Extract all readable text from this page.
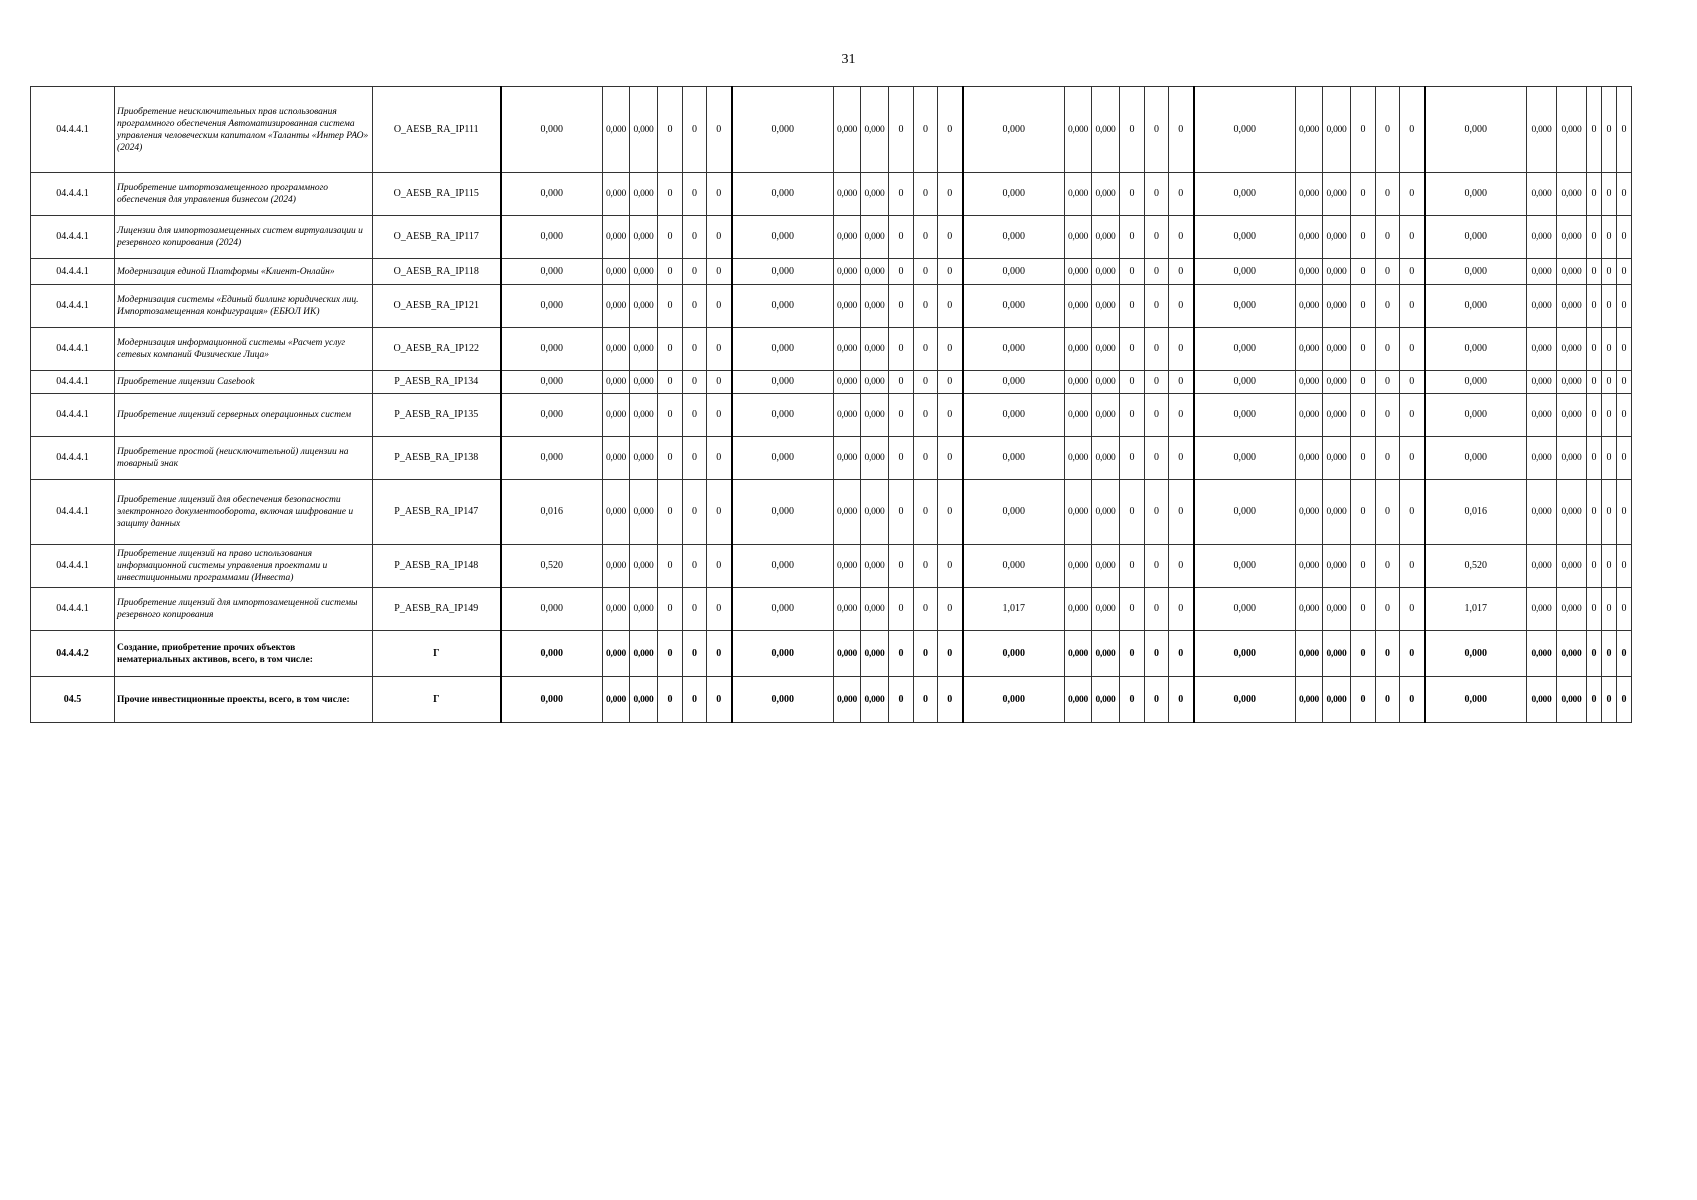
31
04.4.4.1	Приобретение неисключительных прав использования программного обеспечения Автоматизированная система управления человеческим капиталом «Таланты «Интер РАО» (2024)	O_AESB_RA_IP111	0,000	0,000	0,000	0	0	0	0,000	0,000	0,000	0	0	0	0,000	0,000	0,000	0	0	0	0,000	0,000	0,000	0	0	0	0,000	0,000	0,000	0	0	0
04.4.4.1	Приобретение импортозамещенного программного обеспечения для управления бизнесом (2024)	O_AESB_RA_IP115	0,000	0,000	0,000	0	0	0	0,000	0,000	0,000	0	0	0	0,000	0,000	0,000	0	0	0	0,000	0,000	0,000	0	0	0	0,000	0,000	0,000	0	0	0
04.4.4.1	Лицензии для импортозамещенных систем виртуализации и резервного копирования (2024)	O_AESB_RA_IP117	0,000	0,000	0,000	0	0	0	0,000	0,000	0,000	0	0	0	0,000	0,000	0,000	0	0	0	0,000	0,000	0,000	0	0	0	0,000	0,000	0,000	0	0	0
04.4.4.1	Модернизация единой Платформы «Клиент-Онлайн»	O_AESB_RA_IP118	0,000	0,000	0,000	0	0	0	0,000	0,000	0,000	0	0	0	0,000	0,000	0,000	0	0	0	0,000	0,000	0,000	0	0	0	0,000	0,000	0,000	0	0	0
04.4.4.1	Модернизация системы «Единый биллинг юридических лиц. Импортозамещенная конфигурация» (ЕБЮЛ ИК)	O_AESB_RA_IP121	0,000	0,000	0,000	0	0	0	0,000	0,000	0,000	0	0	0	0,000	0,000	0,000	0	0	0	0,000	0,000	0,000	0	0	0	0,000	0,000	0,000	0	0	0
04.4.4.1	Модернизация информационной системы «Расчет услуг сетевых компаний Физические Лица»	O_AESB_RA_IP122	0,000	0,000	0,000	0	0	0	0,000	0,000	0,000	0	0	0	0,000	0,000	0,000	0	0	0	0,000	0,000	0,000	0	0	0	0,000	0,000	0,000	0	0	0
04.4.4.1	Приобретение лицензии Casebook	P_AESB_RA_IP134	0,000	0,000	0,000	0	0	0	0,000	0,000	0,000	0	0	0	0,000	0,000	0,000	0	0	0	0,000	0,000	0,000	0	0	0	0,000	0,000	0,000	0	0	0
04.4.4.1	Приобретение лицензий серверных операционных систем	P_AESB_RA_IP135	0,000	0,000	0,000	0	0	0	0,000	0,000	0,000	0	0	0	0,000	0,000	0,000	0	0	0	0,000	0,000	0,000	0	0	0	0,000	0,000	0,000	0	0	0
04.4.4.1	Приобретение простой (неисключительной) лицензии на товарный знак	P_AESB_RA_IP138	0,000	0,000	0,000	0	0	0	0,000	0,000	0,000	0	0	0	0,000	0,000	0,000	0	0	0	0,000	0,000	0,000	0	0	0	0,000	0,000	0,000	0	0	0
04.4.4.1	Приобретение лицензий для обеспечения безопасности электронного документооборота, включая шифрование и защиту данных	P_AESB_RA_IP147	0,016	0,000	0,000	0	0	0	0,000	0,000	0,000	0	0	0	0,000	0,000	0,000	0	0	0	0,000	0,000	0,000	0	0	0	0,016	0,000	0,000	0	0	0
04.4.4.1	Приобретение лицензий на право использования информационной системы управления проектами и инвестиционными программами (Инвеста)	P_AESB_RA_IP148	0,520	0,000	0,000	0	0	0	0,000	0,000	0,000	0	0	0	0,000	0,000	0,000	0	0	0	0,000	0,000	0,000	0	0	0	0,520	0,000	0,000	0	0	0
04.4.4.1	Приобретение лицензий для импортозамещенной системы резервного копирования	P_AESB_RA_IP149	0,000	0,000	0,000	0	0	0	0,000	0,000	0,000	0	0	0	1,017	0,000	0,000	0	0	0	0,000	0,000	0,000	0	0	0	1,017	0,000	0,000	0	0	0
04.4.4.2	Создание, приобретение прочих объектов нематериальных активов, всего, в том числе:	Г	0,000	0,000	0,000	0	0	0	0,000	0,000	0,000	0	0	0	0,000	0,000	0,000	0	0	0	0,000	0,000	0,000	0	0	0	0,000	0,000	0,000	0	0	0
04.5	Прочие инвестиционные проекты, всего, в том числе:	Г	0,000	0,000	0,000	0	0	0	0,000	0,000	0,000	0	0	0	0,000	0,000	0,000	0	0	0	0,000	0,000	0,000	0	0	0	0,000	0,000	0,000	0	0	0
